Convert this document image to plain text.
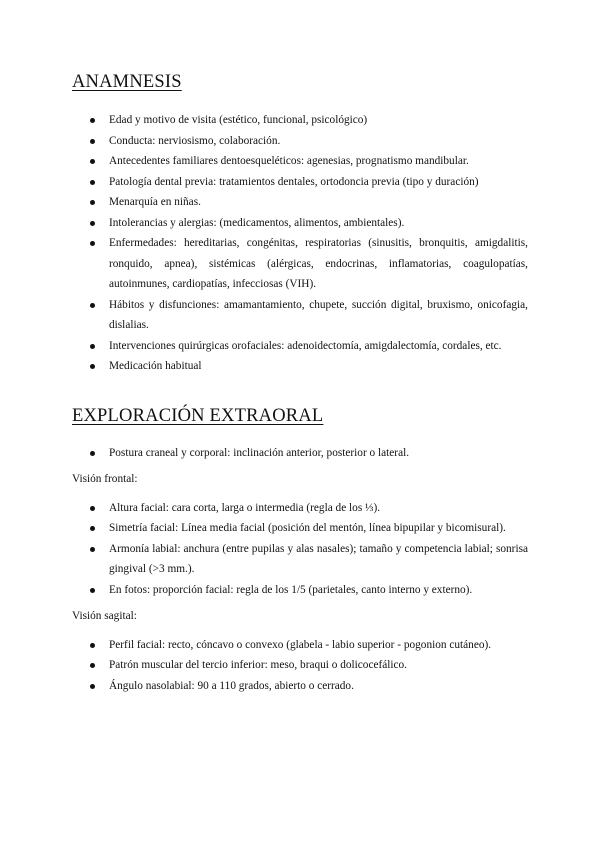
ANAMNESIS
Edad y motivo de visita (estético, funcional, psicológico)
Conducta: nerviosismo, colaboración.
Antecedentes familiares dentoesqueléticos: agenesias, prognatismo mandibular.
Patología dental previa: tratamientos dentales, ortodoncia previa (tipo y duración)
Menarquía en niñas.
Intolerancias y alergias: (medicamentos, alimentos, ambientales).
Enfermedades: hereditarias, congénitas, respiratorias (sinusitis, bronquitis, amigdalitis, ronquido, apnea), sistémicas (alérgicas, endocrinas, inflamatorias, coagulopatías, autoinmunes, cardiopatías, infecciosas (VIH).
Hábitos y disfunciones: amamantamiento, chupete, succión digital, bruxismo, onicofagia, dislalias.
Intervenciones quirúrgicas orofaciales: adenoidectomía, amigdalectomía, cordales, etc.
Medicación habitual
EXPLORACIÓN EXTRAORAL
Postura craneal y corporal: inclinación anterior, posterior o lateral.

Visión frontal:

Altura facial: cara corta, larga o intermedia (regla de los ⅓).
Simetría facial: Línea media facial (posición del mentón, línea bipupilar y bicomisural).
Armonía labial: anchura (entre pupilas y alas nasales); tamaño y competencia labial; sonrisa gingival (>3 mm.).
En fotos: proporción facial: regla de los 1/5 (parietales, canto interno y externo).

Visión sagital:

Perfil facial: recto, cóncavo o convexo (glabela - labio superior - pogonion cutáneo).
Patrón muscular del tercio inferior: meso, braqui o dolicocefálico.
Ángulo nasolabial: 90 a 110 grados, abierto o cerrado.
